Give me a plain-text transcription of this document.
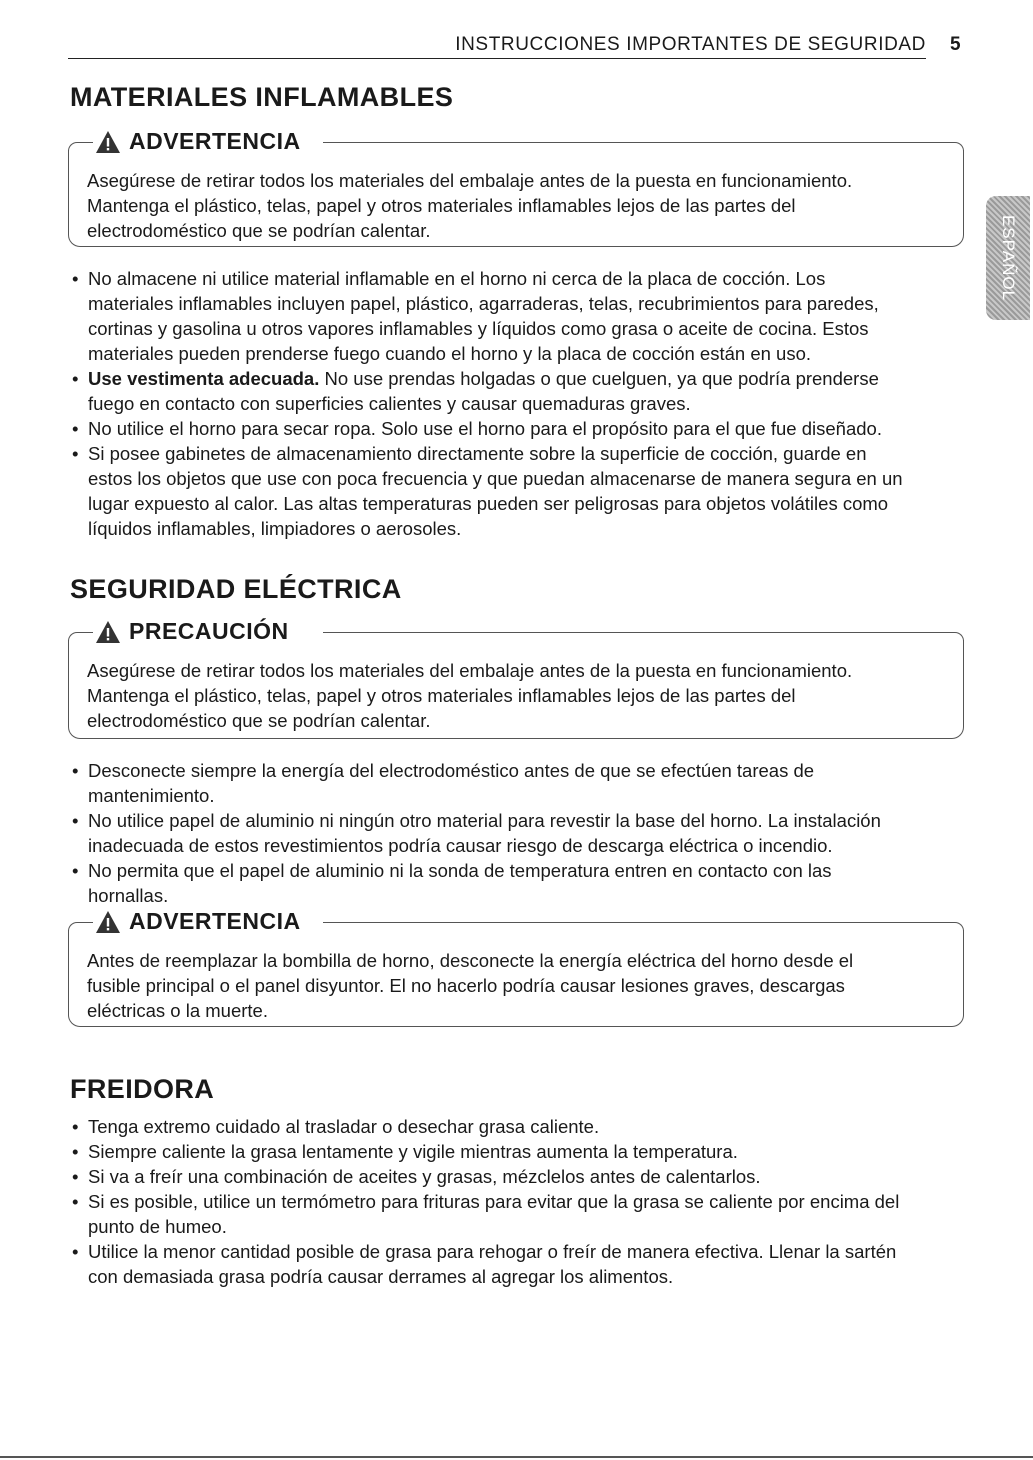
INSTRUCCIONES IMPORTANTES DE SEGURIDAD 5
ESPAÑOL
MATERIALES INFLAMABLES
ADVERTENCIA
Asegúrese de retirar todos los materiales del embalaje antes de la puesta en funcionamiento.
Mantenga el plástico, telas, papel y otros materiales inflamables lejos de las partes del
electrodoméstico que se podrían calentar.
• No almacene ni utilice material inflamable en el horno ni cerca de la placa de cocción. Los
materiales inflamables incluyen papel, plástico, agarraderas, telas, recubrimientos para paredes,
cortinas y gasolina u otros vapores inflamables y líquidos como grasa o aceite de cocina. Estos
materiales pueden prenderse fuego cuando el horno y la placa de cocción están en uso.
• Use vestimenta adecuada. No use prendas holgadas o que cuelguen, ya que podría prenderse
fuego en contacto con superficies calientes y causar quemaduras graves.
• No utilice el horno para secar ropa. Solo use el horno para el propósito para el que fue diseñado.
• Si posee gabinetes de almacenamiento directamente sobre la superficie de cocción, guarde en
estos los objetos que use con poca frecuencia y que puedan almacenarse de manera segura en un
lugar expuesto al calor. Las altas temperaturas pueden ser peligrosas para objetos volátiles como
líquidos inflamables, limpiadores o aerosoles.
SEGURIDAD ELÉCTRICA
PRECAUCIÓN
Asegúrese de retirar todos los materiales del embalaje antes de la puesta en funcionamiento.
Mantenga el plástico, telas, papel y otros materiales inflamables lejos de las partes del
electrodoméstico que se podrían calentar.
• Desconecte siempre la energía del electrodoméstico antes de que se efectúen tareas de
mantenimiento.
• No utilice papel de aluminio ni ningún otro material para revestir la base del horno. La instalación
inadecuada de estos revestimientos podría causar riesgo de descarga eléctrica o incendio.
• No permita que el papel de aluminio ni la sonda de temperatura entren en contacto con las
hornallas.
ADVERTENCIA
Antes de reemplazar la bombilla de horno, desconecte la energía eléctrica del horno desde el
fusible principal o el panel disyuntor. El no hacerlo podría causar lesiones graves, descargas
eléctricas o la muerte.
FREIDORA
• Tenga extremo cuidado al trasladar o desechar grasa caliente.
• Siempre caliente la grasa lentamente y vigile mientras aumenta la temperatura.
• Si va a freír una combinación de aceites y grasas, mézclelos antes de calentarlos.
• Si es posible, utilice un termómetro para frituras para evitar que la grasa se caliente por encima del
punto de humeo.
• Utilice la menor cantidad posible de grasa para rehogar o freír de manera efectiva. Llenar la sartén
con demasiada grasa podría causar derrames al agregar los alimentos.
